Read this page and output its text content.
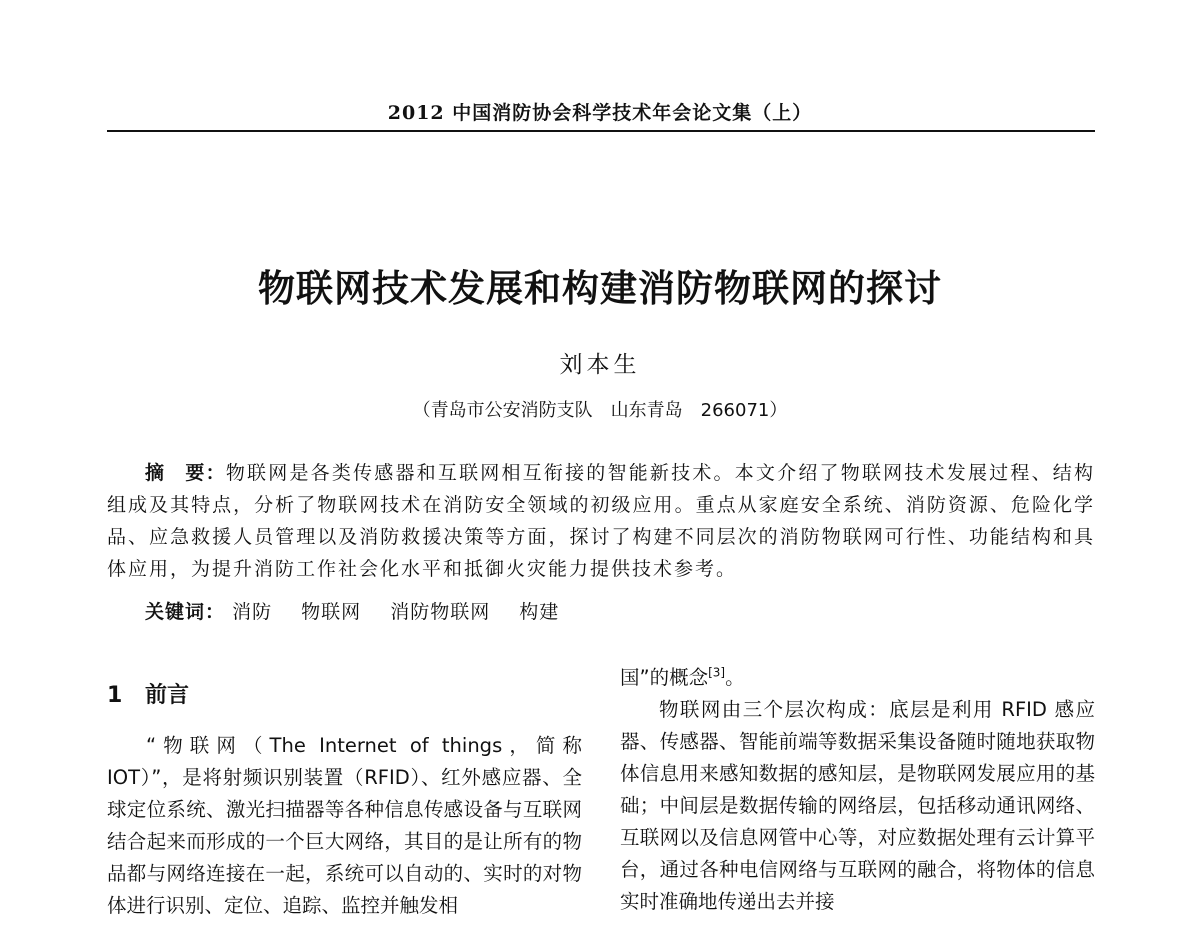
2012 中国消防协会科学技术年会论文集（上）
物联网技术发展和构建消防物联网的探讨
刘本生
（青岛市公安消防支队　山东青岛　266071）

摘　要：物联网是各类传感器和互联网相互衔接的智能新技术。本文介绍了物联网技术发展过程、结构组成及其特点，分析了物联网技术在消防安全领域的初级应用。重点从家庭安全系统、消防资源、危险化学品、应急救援人员管理以及消防救援决策等方面，探讨了构建不同层次的消防物联网可行性、功能结构和具体应用，为提升消防工作社会化水平和抵御火灾能力提供技术参考。

关键词： 消防 物联网 消防物联网 构建
1 前言

“物联网（The Internet of things，简称 IOT）”，是将射频识别装置（RFID）、红外感应器、全球定位系统、激光扫描器等各种信息传感设备与互联网结合起来而形成的一个巨大网络，其目的是让所有的物品都与网络连接在一起，系统可以自动的、实时的对物体进行识别、定位、追踪、监控并触发相

国”的概念[3]。

物联网由三个层次构成：底层是利用 RFID 感应器、传感器、智能前端等数据采集设备随时随地获取物体信息用来感知数据的感知层，是物联网发展应用的基础；中间层是数据传输的网络层，包括移动通讯网络、互联网以及信息网管中心等，对应数据处理有云计算平台，通过各种电信网络与互联网的融合，将物体的信息实时准确地传递出去并接
